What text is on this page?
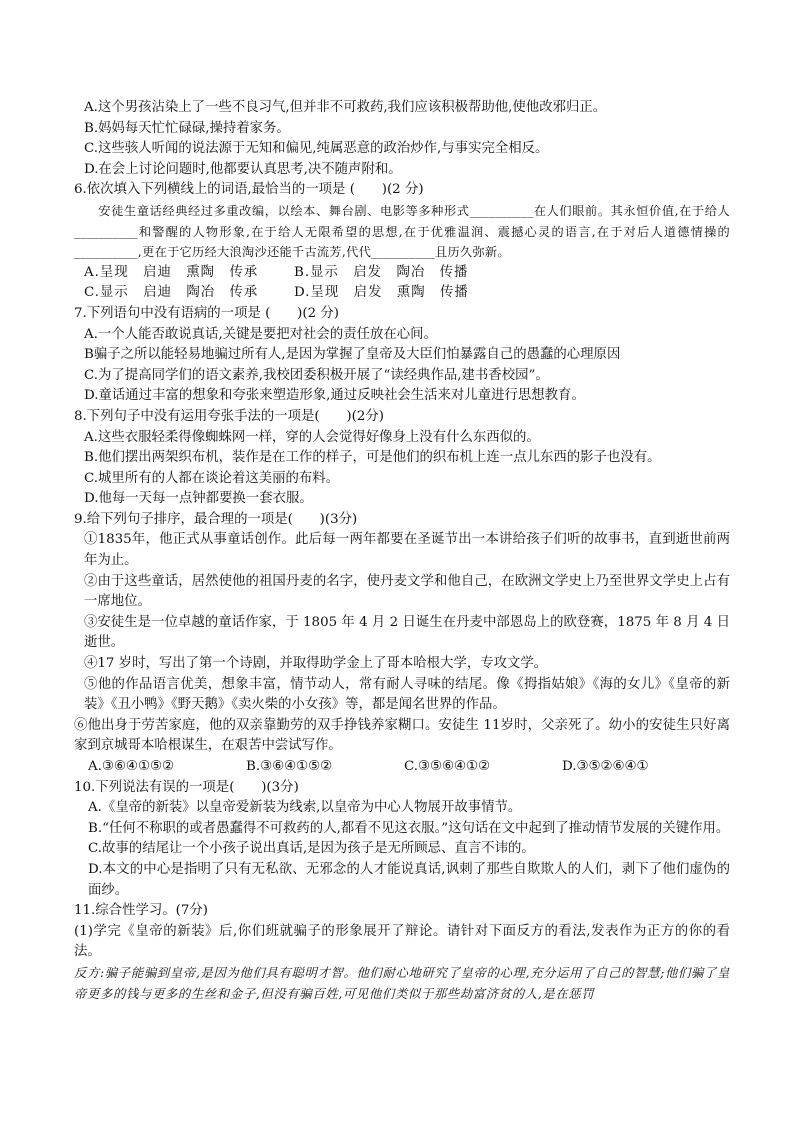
A.这个男孩沾染上了一些不良习气,但并非不可救药,我们应该积极帮助他,使他改邪归正。
B.妈妈每天忙忙碌碌,操持着家务。
C.这些骇人听闻的说法源于无知和偏见,纯属恶意的政治炒作,与事实完全相反。
D.在会上讨论问题时,他都要认真思考,决不随声附和。
6.依次填入下列横线上的词语,最恰当的一项是 (　　)(2 分)
安徒生童话经典经过多重改编，以绘本、舞台剧、电影等多种形式__________在人们眼前。其永恒价值,在于给人__________和警醒的人物形象,在于给人无限希望的思想,在于优雅温润、震撼心灵的语言,在于对后人道德情操的__________,更在于它历经大浪淘沙还能千古流芳,代代__________且历久弥新。
A.呈现　启迪　熏陶　传承	B.显示　启发　陶冶　传播
C.显示　启迪　陶冶　传承	D.呈现　启发　熏陶　传播
7.下列语句中没有语病的一项是 (　　)(2 分)
A.一个人能否敢说真话,关键是要把对社会的责任放在心间。
B骗子之所以能轻易地骗过所有人,是因为掌握了皇帝及大臣们怕暴露自己的愚蠢的心理原因
C.为了提高同学们的语文素养,我校团委积极开展了“读经典作品,建书香校园”。
D.童话通过丰富的想象和夸张来塑造形象,通过反映社会生活来对儿童进行思想教育。
8.下列句子中没有运用夸张手法的一项是(　　)(2分)
A.这些衣服轻柔得像蜘蛛网一样，穿的人会觉得好像身上没有什么东西似的。
B.他们摆出两架织布机，装作是在工作的样子，可是他们的织布机上连一点儿东西的影子也没有。
C.城里所有的人都在谈论着这美丽的布料。
D.他每一天每一点钟都要换一套衣服。
9.给下列句子排序，最合理的一项是(　　)(3分)
①1835年，他正式从事童话创作。此后每一两年都要在圣诞节出一本讲给孩子们听的故事书，直到逝世前两年为止。
②由于这些童话，居然使他的祖国丹麦的名字，使丹麦文学和他自己，在欧洲文学史上乃至世界文学史上占有一席地位。
③安徒生是一位卓越的童话作家，于 1805 年 4 月 2 日诞生在丹麦中部恩岛上的欧登赛，1875 年 8 月 4 日逝世。
④17 岁时，写出了第一个诗剧，并取得助学金上了哥本哈根大学，专攻文学。
⑤他的作品语言优美，想象丰富，情节动人，常有耐人寻味的结尾。像《拇指姑娘》《海的女儿》《皇帝的新装》《丑小鸭》《野天鹅》《卖火柴的小女孩》等，都是闻名世界的作品。
⑥他出身于劳苦家庭，他的双亲靠勤劳的双手挣钱养家糊口。安徒生 11岁时，父亲死了。幼小的安徒生只好离家到京城哥本哈根谋生，在艰苦中尝试写作。
A.③⑥④①⑤②	B.③⑥④①⑤②	C.③⑤⑥④①②	D.③⑤②⑥④①
10.下列说法有误的一项是(　　)(3分)
A.《皇帝的新装》以皇帝爱新装为线索,以皇帝为中心人物展开故事情节。
B.“任何不称职的或者愚蠢得不可救药的人,都看不见这衣服。”这句话在文中起到了推动情节发展的关键作用。
C.故事的结尾让一个小孩子说出真话,是因为孩子是无所顾忌、直言不讳的。
D.本文的中心是指明了只有无私欲、无邪念的人才能说真话,讽刺了那些自欺欺人的人们，剥下了他们虚伪的面纱。
11.综合性学习。(7分)
(1)学完《皇帝的新装》后,你们班就骗子的形象展开了辩论。请针对下面反方的看法,发表作为正方的你的看法。
反方:骗子能骗到皇帝,是因为他们具有聪明才智。他们耐心地研究了皇帝的心理,充分运用了自己的智慧;他们骗了皇帝更多的钱与更多的生丝和金子,但没有骗百姓,可见他们类似于那些劫富济贫的人,是在惩罚
